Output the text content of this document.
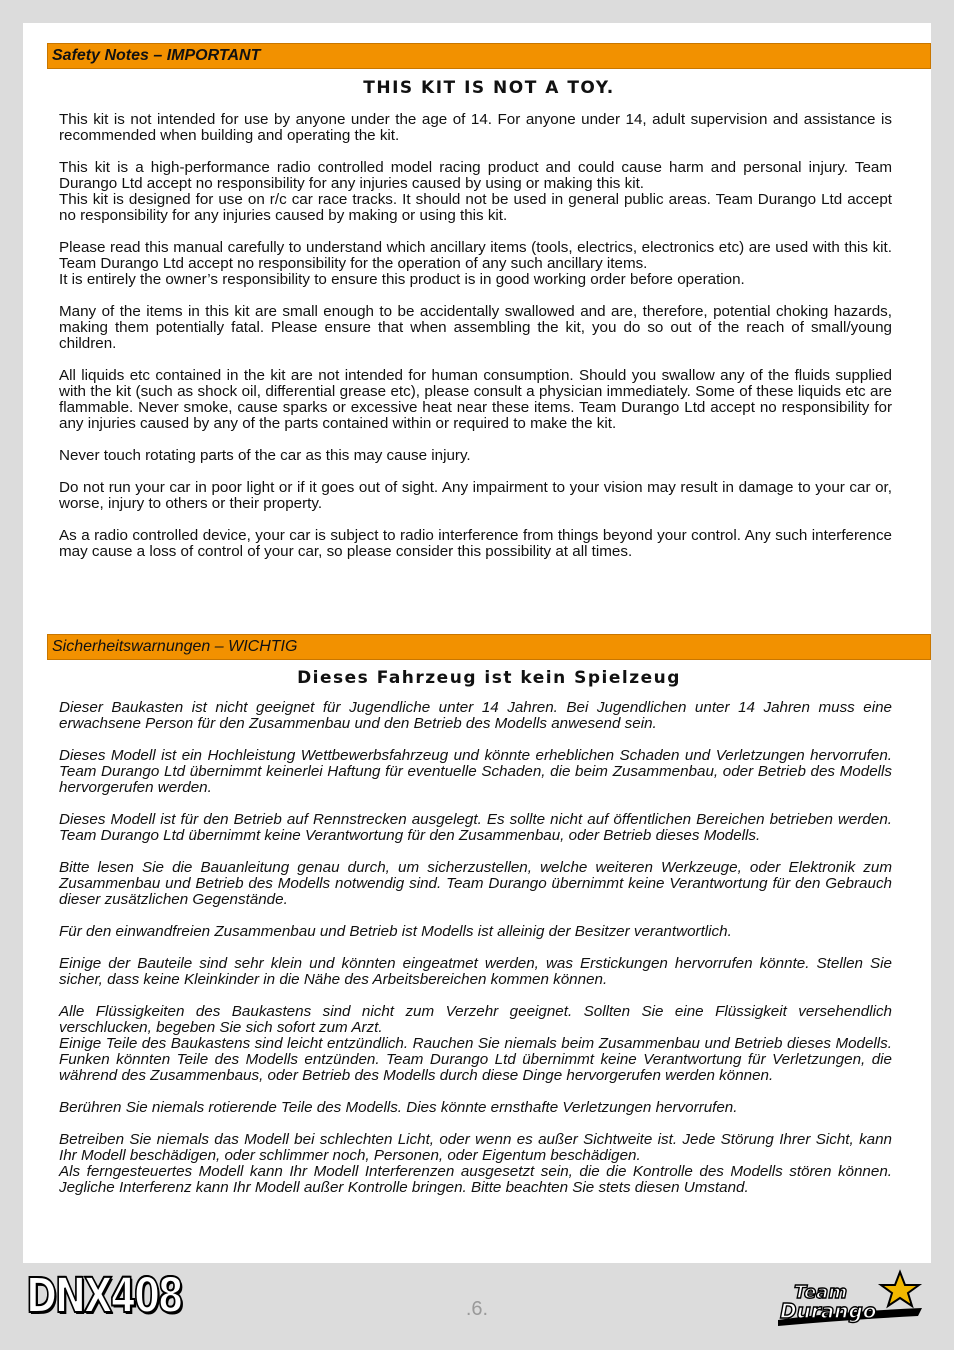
Safety Notes – IMPORTANT
THIS KIT IS NOT A TOY.

This kit is not intended for use by anyone under the age of 14. For anyone under 14, adult supervision and assistance is recommended when building and operating the kit.

This kit is a high-performance radio controlled model racing product and could cause harm and personal injury. Team Durango Ltd accept no responsibility for any injuries caused by using or making this kit.
This kit is designed for use on r/c car race tracks. It should not be used in general public areas. Team Durango Ltd accept no responsibility for any injuries caused by making or using this kit.

Please read this manual carefully to understand which ancillary items (tools, electrics, electronics etc) are used with this kit. Team Durango Ltd accept no responsibility for the operation of any such ancillary items.
It is entirely the owner’s responsibility to ensure this product is in good working order before operation.

Many of the items in this kit are small enough to be accidentally swallowed and are, therefore, potential choking hazards, making them potentially fatal. Please ensure that when assembling the kit, you do so out of the reach of small/young children.

All liquids etc contained in the kit are not intended for human consumption. Should you swallow any of the fluids supplied with the kit (such as shock oil, differential grease etc), please consult a physician immediately. Some of these liquids etc are flammable. Never smoke, cause sparks or excessive heat near these items. Team Durango Ltd accept no responsibility for any injuries caused by any of the parts contained within or required to make the kit.

Never touch rotating parts of the car as this may cause injury.

Do not run your car in poor light or if it goes out of sight. Any impairment to your vision may result in damage to your car or, worse, injury to others or their property.

As a radio controlled device, your car is subject to radio interference from things beyond your control. Any such interference may cause a loss of control of your car, so please consider this possibility at all times.

Sicherheitswarnungen – WICHTIG
Dieses Fahrzeug ist kein Spielzeug

Dieser Baukasten ist nicht geeignet für Jugendliche unter 14 Jahren. Bei Jugendlichen unter 14 Jahren muss eine erwachsene Person für den Zusammenbau und den Betrieb des Modells anwesend sein.

Dieses Modell ist ein Hochleistung Wettbewerbsfahrzeug und könnte erheblichen Schaden und Verletzungen hervorrufen. Team Durango Ltd übernimmt keinerlei Haftung für eventuelle Schaden, die beim Zusammenbau, oder Betrieb des Modells hervorgerufen werden.

Dieses Modell ist für den Betrieb auf Rennstrecken ausgelegt. Es sollte nicht auf öffentlichen Bereichen betrieben werden. Team Durango Ltd übernimmt keine Verantwortung für den Zusammenbau, oder Betrieb dieses Modells.

Bitte lesen Sie die Bauanleitung genau durch, um sicherzustellen, welche weiteren Werkzeuge, oder Elektronik zum Zusammenbau und Betrieb des Modells notwendig sind. Team Durango übernimmt keine Verantwortung für den Gebrauch dieser zusätzlichen Gegenstände.

Für den einwandfreien Zusammenbau und Betrieb ist Modells ist alleinig der Besitzer verantwortlich.

Einige der Bauteile sind sehr klein und könnten eingeatmet werden, was Erstickungen hervorrufen könnte. Stellen Sie sicher, dass keine Kleinkinder in die Nähe des Arbeitsbereichen kommen können.

Alle Flüssigkeiten des Baukastens sind nicht zum Verzehr geeignet. Sollten Sie eine Flüssigkeit versehendlich verschlucken, begeben Sie sich sofort zum Arzt.
Einige Teile des Baukastens sind leicht entzündlich. Rauchen Sie niemals beim Zusammenbau und Betrieb dieses Modells. Funken könnten Teile des Modells entzünden. Team Durango Ltd übernimmt keine Verantwortung für Verletzungen, die während des Zusammenbaus, oder Betrieb des Modells durch diese Dinge hervorgerufen werden können.

Berühren Sie niemals rotierende Teile des Modells. Dies könnte ernsthafte Verletzungen hervorrufen.

Betreiben Sie niemals das Modell bei schlechten Licht, oder wenn es außer Sichtweite ist. Jede Störung Ihrer Sicht, kann Ihr Modell beschädigen, oder schlimmer noch, Personen, oder Eigentum beschädigen.
Als ferngesteuertes Modell kann Ihr Modell Interferenzen ausgesetzt sein, die die Kontrolle des Modells stören können. Jegliche Interferenz kann Ihr Modell außer Kontrolle bringen. Bitte beachten Sie stets diesen Umstand.

DNX408	.6.
Team
Durango
